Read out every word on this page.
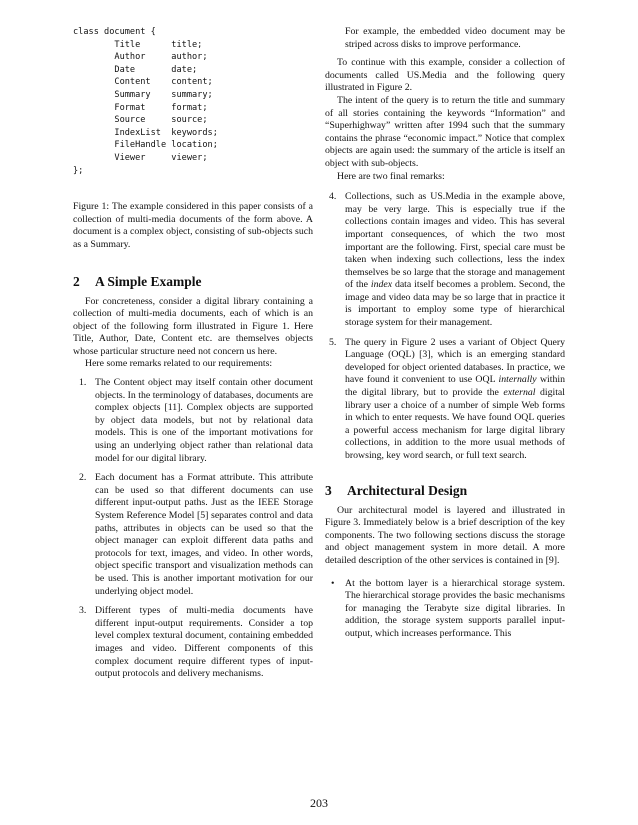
class document {
Title      title;
Author     author;
Date       date;
Content    content;
Summary    summary;
Format     format;
Source     source;
IndexList  keywords;
FileHandle location;
Viewer     viewer;
};

Figure 1: The example considered in this paper consists of a collection of multi-media documents of the form above. A document is a complex object, consisting of sub-objects such as a Summary.

2 A Simple Example

For concreteness, consider a digital library containing a collection of multi-media documents, each of which is an object of the following form illustrated in Figure 1. Here Title, Author, Date, Content etc. are themselves objects whose particular structure need not concern us here.

Here some remarks related to our requirements:

1. The Content object may itself contain other document objects. In the terminology of databases, documents are complex objects [11]. Complex objects are supported by object data models, but not by relational data models. This is one of the important motivations for using an underlying object rather than relational data model for our digital library.
2. Each document has a Format attribute. This attribute can be used so that different documents can use different input-output paths. Just as the IEEE Storage System Reference Model [5] separates control and data paths, attributes in objects can be used so that the object manager can exploit different data paths and protocols for text, images, and video. In other words, object specific transport and visualization methods can be used. This is another important motivation for our underlying object model.
3. Different types of multi-media documents have different input-output requirements. Consider a top level complex textural document, containing embedded images and video. Different components of this complex document require different types of input-output protocols and delivery mechanisms.

For example, the embedded video document may be striped across disks to improve performance.

To continue with this example, consider a collection of documents called US.Media and the following query illustrated in Figure 2.

The intent of the query is to return the title and summary of all stories containing the keywords “Information” and “Superhighway” written after 1994 such that the summary contains the phrase “economic impact.” Notice that complex objects are again used: the summary of the article is itself an object with sub-objects.

Here are two final remarks:

4. Collections, such as US.Media in the example above, may be very large. This is especially true if the collections contain images and video. This has several important consequences, of which the two most important are the following. First, special care must be taken when indexing such collections, less the index themselves be so large that the storage and management of the index data itself becomes a problem. Second, the image and video data may be so large that in practice it is important to employ some type of hierarchical storage system for their management.
5. The query in Figure 2 uses a variant of Object Query Language (OQL) [3], which is an emerging standard developed for object oriented databases. In practice, we have found it convenient to use OQL internally within the digital library, but to provide the external digital library user a choice of a number of simple Web forms in which to enter requests. We have found OQL queries a powerful access mechanism for large digital library collections, in addition to the more usual methods of browsing, key word search, or full text search.
3 Architectural Design

Our architectural model is layered and illustrated in Figure 3. Immediately below is a brief description of the key components. The two following sections discuss the storage and object management system in more detail. A more detailed description of the other services is contained in [9].

• At the bottom layer is a hierarchical storage system. The hierarchical storage provides the basic mechanisms for managing the Terabyte size digital libraries. In addition, the storage system supports parallel input-output, which increases performance. This
203
